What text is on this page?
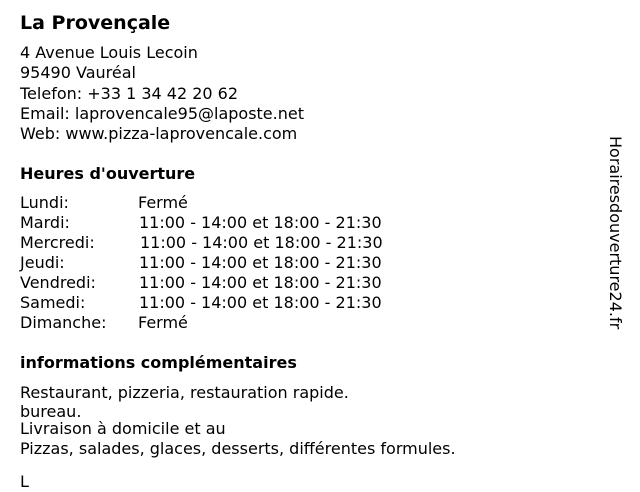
La Provençale
4 Avenue Louis Lecoin
95490 Vauréal
Telefon: +33 1 34 42 20 62
Email: laprovencale95@laposte.net
Web: www.pizza-laprovencale.com
Heures d'ouverture
Lundi:	Fermé
Mardi:	11:00 - 14:00 et 18:00 - 21:30
Mercredi:	11:00 - 14:00 et 18:00 - 21:30
Jeudi:	11:00 - 14:00 et 18:00 - 21:30
Vendredi:	11:00 - 14:00 et 18:00 - 21:30
Samedi:	11:00 - 14:00 et 18:00 - 21:30
Dimanche: Fermé
informations complémentaires
Restaurant, pizzeria, restauration rapide.
bureau.
Livraison à domicile et au
Pizzas, salades, glaces, desserts, différentes formules.
L
Horairesdouverture24.fr
